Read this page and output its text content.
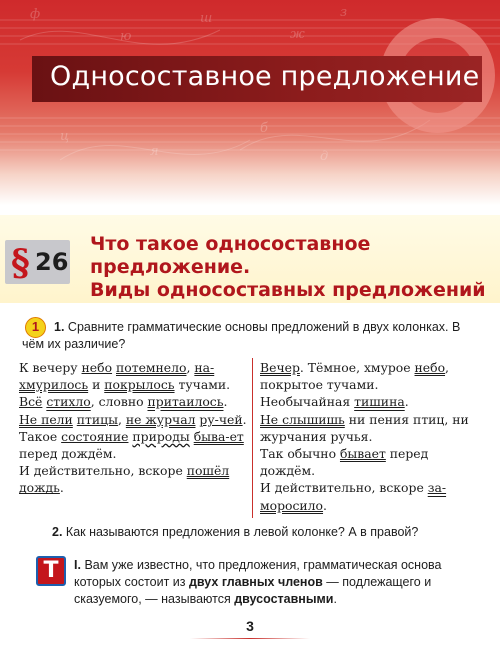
ф
ю
ш
ж
з
ц
я
б
д
Односоставное предложение
§ 26
Что такое односоставное
предложение.
Виды односоставных предложений
1	1. Сравните грамматические основы предложений в двух колонках. В чём их различие?

К вечеру небо потемнело, на-хмурилось и покрылось тучами.

Всё стихло, словно притаилось.

Не пели птицы, не журчал ру-чей.

Такое состояние природы быва-ет перед дождём.

И действительно, вскоре пошёл дождь.

Вечер. Тёмное, хмурое небо, покрытое тучами.

Необычайная тишина.

Не слышишь ни пения птиц, ни журчания ручья.

Так обычно бывает перед дождём.

И действительно, вскоре за-моросило.

2. Как называются предложения в левой колонке? А в правой?
Т	I. Вам уже известно, что предложения, грамматическая основа которых состоит из двух главных членов — подлежащего и сказуемого, — называются двусоставными.
3
